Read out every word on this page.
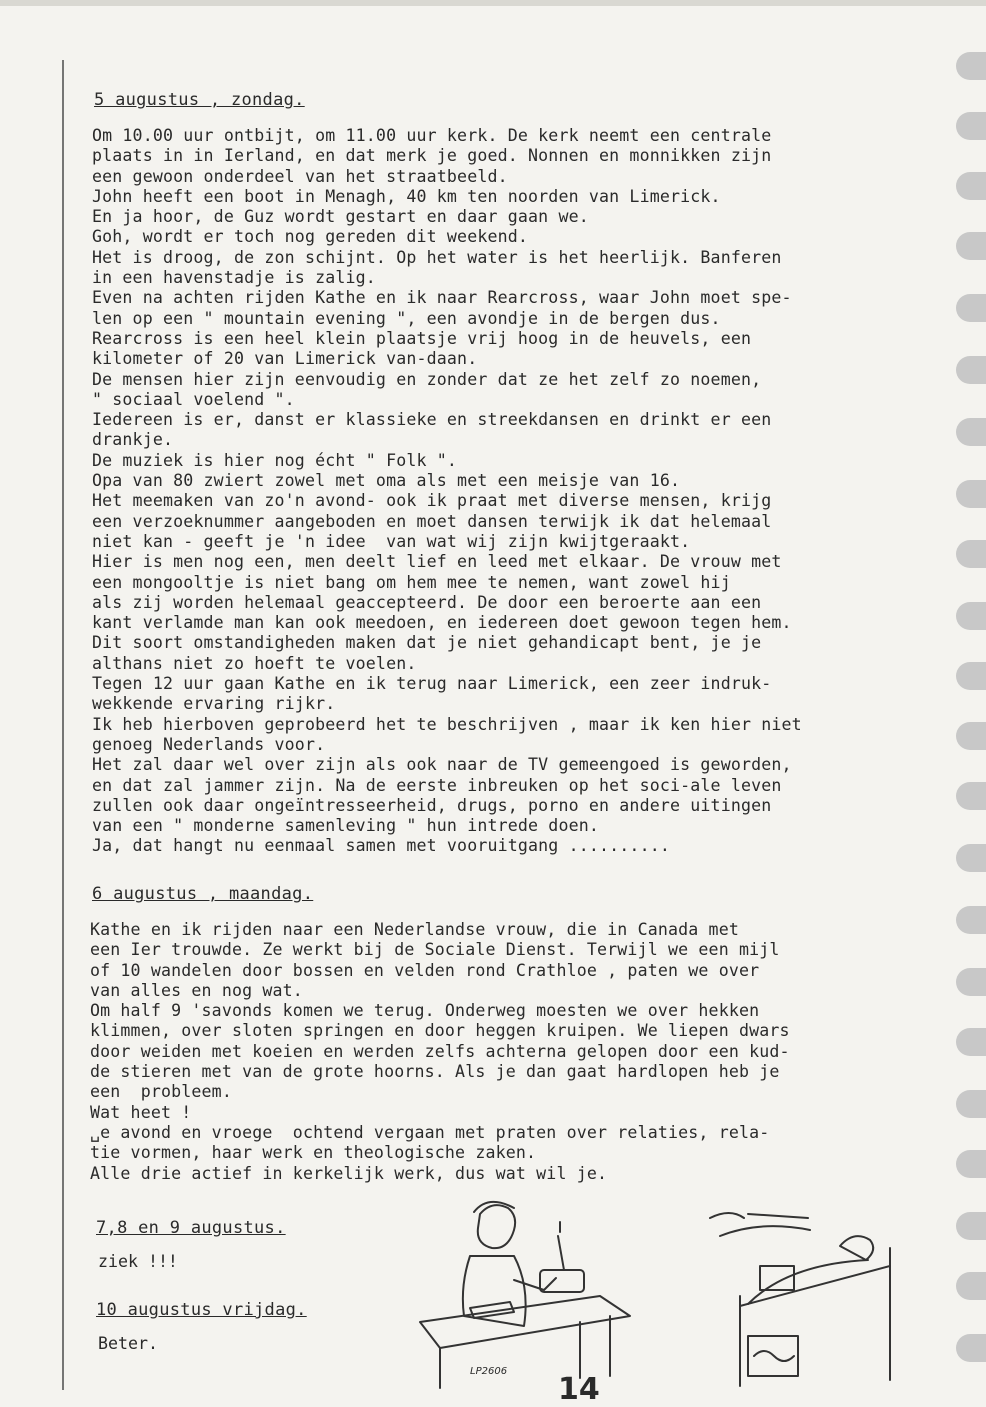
5 augustus , zondag.
Om 10.00 uur ontbijt, om 11.00 uur kerk. De kerk neemt een centrale
plaats in in Ierland, en dat merk je goed. Nonnen en monnikken zijn
een gewoon onderdeel van het straatbeeld.
John heeft een boot in Menagh, 40 km ten noorden van Limerick.
En ja hoor, de Guz wordt gestart en daar gaan we.
Goh, wordt er toch nog gereden dit weekend.
Het is droog, de zon schijnt. Op het water is het heerlijk. Banferen
in een havenstadje is zalig.
Even na achten rijden Kathe en ik naar Rearcross, waar John moet spe-
len op een " mountain evening ", een avondje in de bergen dus.
Rearcross is een heel klein plaatsje vrij hoog in de heuvels, een
kilometer of 20 van Limerick van-daan.
De mensen hier zijn eenvoudig en zonder dat ze het zelf zo noemen,
" sociaal voelend ".
Iedereen is er, danst er klassieke en streekdansen en drinkt er een
drankje.
De muziek is hier nog écht " Folk ".
Opa van 80 zwiert zowel met oma als met een meisje van 16.
Het meemaken van zo'n avond- ook ik praat met diverse mensen, krijg
een verzoeknummer aangeboden en moet dansen terwijk ik dat helemaal
niet kan - geeft je 'n idee  van wat wij zijn kwijtgeraakt.
Hier is men nog een, men deelt lief en leed met elkaar. De vrouw met
een mongooltje is niet bang om hem mee te nemen, want zowel hij
als zij worden helemaal geaccepteerd. De door een beroerte aan een
kant verlamde man kan ook meedoen, en iedereen doet gewoon tegen hem.
Dit soort omstandigheden maken dat je niet gehandicapt bent, je je
althans niet zo hoeft te voelen.
Tegen 12 uur gaan Kathe en ik terug naar Limerick, een zeer indruk-
wekkende ervaring rijkr.
Ik heb hierboven geprobeerd het te beschrijven , maar ik ken hier niet
genoeg Nederlands voor.
Het zal daar wel over zijn als ook naar de TV gemeengoed is geworden,
en dat zal jammer zijn. Na de eerste inbreuken op het soci-ale leven
zullen ook daar ongeïntresseerheid, drugs, porno en andere uitingen
van een " monderne samenleving " hun intrede doen.
Ja, dat hangt nu eenmaal samen met vooruitgang ..........
6 augustus , maandag.
Kathe en ik rijden naar een Nederlandse vrouw, die in Canada met
een Ier trouwde. Ze werkt bij de Sociale Dienst. Terwijl we een mijl
of 10 wandelen door bossen en velden rond Crathloe , paten we over
van alles en nog wat.
Om half 9 'savonds komen we terug. Onderweg moesten we over hekken
klimmen, over sloten springen en door heggen kruipen. We liepen dwars
door weiden met koeien en werden zelfs achterna gelopen door een kud-
de stieren met van de grote hoorns. Als je dan gaat hardlopen heb je
een  probleem.
Wat heet !
␣e avond en vroege  ochtend vergaan met praten over relaties, rela-
tie vormen, haar werk en theologische zaken.
Alle drie actief in kerkelijk werk, dus wat wil je.
7,8 en 9 augustus.
ziek !!!
10 augustus vrijdag.
Beter.
LP2606
14
